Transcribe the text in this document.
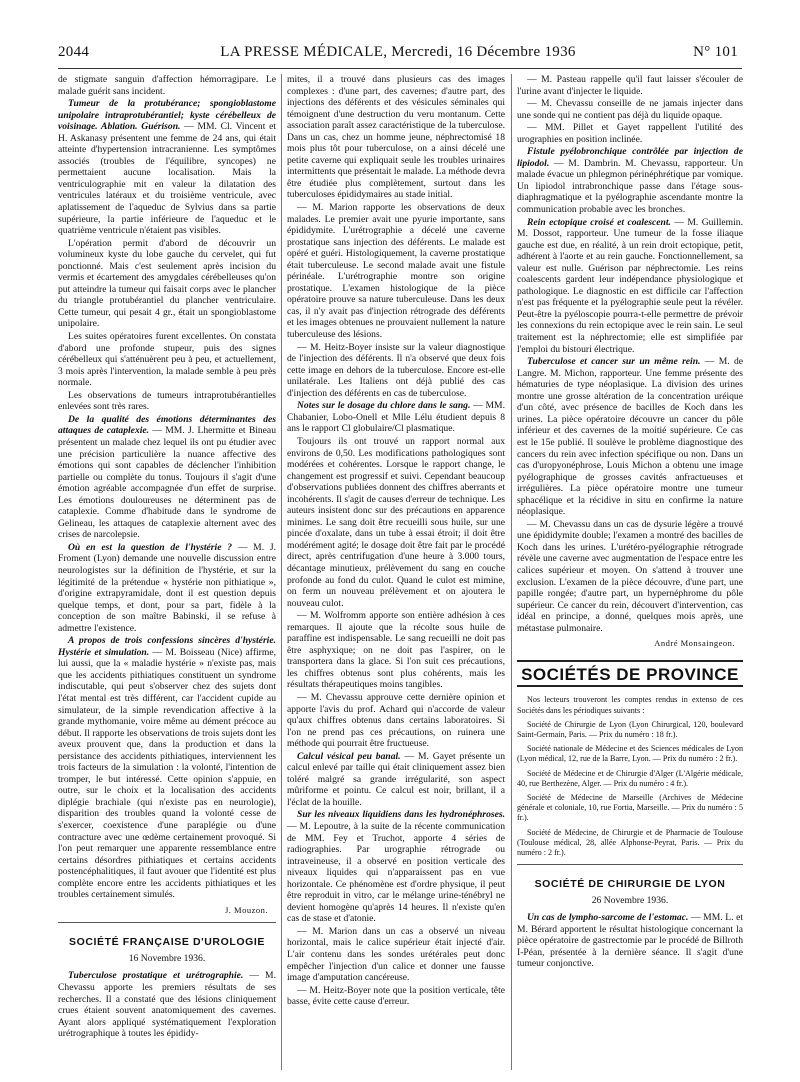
2044	LA PRESSE MÉDICALE, Mercredi, 16 Décembre 1936	N° 101

de stigmate sanguin d'affection hémorragipare. Le malade guérit sans incident.

Tumeur de la protubérance; spongioblastome unipolaire intraprotubérantiel; kyste cérébelleux de voisinage. Ablation. Guérison. — MM. Cl. Vincent et H. Askanasy présentent une femme de 24 ans, qui était atteinte d'hypertension intracranienne. Les symptômes associés (troubles de l'équilibre, syncopes) ne permettaient aucune localisation. Mais la ventriculographie mit en valeur la dilatation des ventricules latéraux et du troisième ventricule, avec aplatissement de l'aqueduc de Sylvius dans sa partie supérieure, la partie inférieure de l'aqueduc et le quatrième ventricule n'étaient pas visibles.

L'opération permit d'abord de découvrir un volumineux kyste du lobe gauche du cervelet, qui fut ponctionné. Mais c'est seulement après incision du vermis et écartement des amygdales cérébelleuses qu'on put atteindre la tumeur qui faisait corps avec le plancher du triangle protubérantiel du plancher ventriculaire. Cette tumeur, qui pesait 4 gr., était un spongioblastome unipolaire.

Les suites opératoires furent excellentes. On constata d'abord une profonde stupeur, puis des signes cérébelleux qui s'atténuèrent peu à peu, et actuellement, 3 mois après l'intervention, la malade semble à peu près normale.

Les observations de tumeurs intraprotubérantielles enlevées sont très rares.

De la qualité des émotions déterminantes des attaques de cataplexie. — MM. J. Lhermitte et Bineau présentent un malade chez lequel ils ont pu étudier avec une précision particulière la nuance affective des émotions qui sont capables de déclencher l'inhibition partielle ou complète du tonus. Toujours il s'agit d'une émotion agréable accompagnée d'un effet de surprise. Les émotions douloureuses ne déterminent pas de cataplexie. Comme d'habitude dans le syndrome de Gelineau, les attaques de cataplexie alternent avec des crises de narcolepsie.

Où en est la question de l'hystérie ? — M. J. Froment (Lyon) demande une nouvelle discussion entre neurologistes sur la définition de l'hystérie, et sur la légitimité de la prétendue « hystérie non pithiatique », d'origine extrapyramidale, dont il est question depuis quelque temps, et dont, pour sa part, fidèle à la conception de son maître Babinski, il se refuse à admettre l'existence.

A propos de trois confessions sincères d'hystérie. Hystérie et simulation. — M. Boisseau (Nice) affirme, lui aussi, que la « maladie hystérie » n'existe pas, mais que les accidents pithiatiques constituent un syndrome indiscutable, qui peut s'observer chez des sujets dont l'état mental est très différent, car l'accident cupide au simulateur, de la simple revendication affective à la grande mythomanie, voire même au dément précoce au début. Il rapporte les observations de trois sujets dont les aveux prouvent que, dans la production et dans la persistance des accidents pithiatiques, interviennent les trois facteurs de la simulation : la volonté, l'intention de tromper, le but intéressé. Cette opinion s'appuie, en outre, sur le choix et la localisation des accidents diplégie brachiale (qui n'existe pas en neurologie), disparition des troubles quand la volonté cesse de s'exercer, coexistence d'une paraplégie ou d'une contracture avec une œdème certainement provoqué. Si l'on peut remarquer une apparente ressemblance entre certains désordres pithiatiques et certains accidents postencéphalitiques, il faut avouer que l'identité est plus complète encore entre les accidents pithiatiques et les troubles certainement simulés.

J. Mouzon.
SOCIÉTÉ FRANÇAISE D'UROLOGIE
16 Novembre 1936.

Tuberculose prostatique et urétrographie. — M. Chevassu apporte les premiers résultats de ses recherches. Il a constaté que des lésions cliniquement crues étaient souvent anatomiquement des cavernes. Ayant alors appliqué systématiquement l'exploration urétrographique à toutes les épididy-

mites, il a trouvé dans plusieurs cas des images complexes : d'une part, des cavernes; d'autre part, des injections des déférents et des vésicules séminales qui témoignent d'une destruction du veru montanum. Cette association paraît assez caractéristique de la tuberculose. Dans un cas, chez un homme jeune, néphrectomisé 18 mois plus tôt pour tuberculose, on a ainsi décelé une petite caverne qui expliquait seule les troubles urinaires intermittents que présentait le malade. La méthode devra être étudiée plus complètement, surtout dans les tuberculoses épididymaires au stade initial.

— M. Marion rapporte les observations de deux malades. Le premier avait une pyurie importante, sans épididymite. L'urétrographie a décelé une caverne prostatique sans injection des déférents. Le malade est opéré et guéri. Histologiquement, la caverne prostatique était tuberculeuse. Le second malade avait une fistule périnéale. L'urétrographie montre son origine prostatique. L'examen histologique de la pièce opératoire prouve sa nature tuberculeuse. Dans les deux cas, il n'y avait pas d'injection rétrograde des déférents et les images obtenues ne prouvaient nullement la nature tuberculeuse des lésions.

— M. Heitz-Boyer insiste sur la valeur diagnostique de l'injection des déférents. Il n'a observé que deux fois cette image en dehors de la tuberculose. Encore est-elle unilatérale. Les Italiens ont déjà publié des cas d'injection des déférents en cas de tuberculose.

Notes sur le dosage du chlore dans le sang. — MM. Chabanier, Lobo-Onell et Mlle Lélu étudient depuis 8 ans le rapport Cl globulaire/Cl plasmatique.

Toujours ils ont trouvé un rapport normal aux environs de 0,50. Les modifications pathologiques sont modérées et cohérentes. Lorsque le rapport change, le changement est progressif et suivi. Cependant beaucoup d'observations publiées donnent des chiffres aberrants et incohérents. Il s'agit de causes d'erreur de technique. Les auteurs insistent donc sur des précautions en apparence minimes. Le sang doit être recueilli sous huile, sur une pincée d'oxalate, dans un tube à essai étroit; il doit être modérément agité; le dosage doit être fait par le procédé direct, après centrifugation d'une heure à 3.000 tours, décantage minutieux, prélèvement du sang en couche profonde au fond du culot. Quand le culot est mimine, on ferm un nouveau prélèvement et on ajoutera le nouveau culot.

— M. Wolfromm apporte son entière adhésion à ces remarques. Il ajoute que la récolte sous huile de paraffine est indispensable. Le sang recueilli ne doit pas être asphyxique; on ne doit pas l'aspirer, on le transportera dans la glace. Si l'on suit ces précautions, les chiffres obtenus sont plus cohérents, mais les résultats thérapeutiques moins tangibles.

— M. Chevassu approuve cette dernière opinion et apporte l'avis du prof. Achard qui n'accorde de valeur qu'aux chiffres obtenus dans certains laboratoires. Si l'on ne prend pas ces précautions, on ruinera une méthode qui pourrait être fructueuse.

Calcul vésical peu banal. — M. Gayet présente un calcul enlevé par taille qui était cliniquement assez bien toléré malgré sa grande irrégularité, son aspect mûriforme et pointu. Ce calcul est noir, brillant, il a l'éclat de la houille.

Sur les niveaux liquidiens dans les hydronéphroses. — M. Lepoutre, à la suite de la récente communication de MM. Fey et Truchot, apporte 4 séries de radiographies. Par urographie rétrograde ou intraveineuse, il a observé en position verticale des niveaux liquides qui n'apparaissent pas en vue horizontale. Ce phénomène est d'ordre physique, il peut être reproduit in vitro, car le mélange urine-ténébryl ne devient homogène qu'après 14 heures. Il n'existe qu'en cas de stase et d'atonie.

— M. Marion dans un cas a observé un niveau horizontal, mais le calice supérieur était injecté d'air. L'air contenu dans les sondes urétérales peut donc empêcher l'injection d'un calice et donner une fausse image d'amputation cancéreuse.

— M. Heitz-Boyer note que la position verticale, tête basse, évite cette cause d'erreur.

— M. Pasteau rappelle qu'il faut laisser s'écouler de l'urine avant d'injecter le liquide.

— M. Chevassu conseille de ne jamais injecter dans une sonde qui ne contient pas déjà du liquide opaque.

— MM. Pillet et Gayet rappellent l'utilité des urographies en position inclinée.

Fistule pyélobronchique contrôlée par injection de lipiodol. — M. Dambrin. M. Chevassu, rapporteur. Un malade évacue un phlegmon périnéphrétique par vomique. Un lipiodol intrabronchique passe dans l'étage sous-diaphragmatique et la pyélographie ascendante montre la communication probable avec les bronches.

Rein ectopique croisé et coalescent. — M. Guillemin. M. Dossot, rapporteur. Une tumeur de la fosse iliaque gauche est due, en réalité, à un rein droit ectopique, petit, adhérent à l'aorte et au rein gauche. Fonctionnellement, sa valeur est nulle. Guérison par néphrectomie. Les reins coalescents gardent leur indépendance physiologique et pathologique. Le diagnostic en est difficile car l'affection n'est pas fréquente et la pyélographie seule peut la révéler. Peut-être la pyéloscopie pourra-t-elle permettre de prévoir les connexions du rein ectopique avec le rein sain. Le seul traitement est la néphrectomie; elle est simplifiée par l'emploi du bistouri électrique.

Tuberculose et cancer sur un même rein. — M. de Langre. M. Michon, rapporteur. Une femme présente des hématuries de type néoplasique. La division des urines montre une grosse altération de la concentration uréique d'un côté, avec présence de bacilles de Koch dans les urines. La pièce opératoire découvre un cancer du pôle inférieur et des cavernes de la moitié supérieure. Ce cas est le 15e publié. Il soulève le problème diagnostique des cancers du rein avec infection spécifique ou non. Dans un cas d'uropyonéphrose, Louis Michon a obtenu une image pyélographique de grosses cavités anfractueuses et irrégulières. La pièce opératoire montre une tumeur sphacélique et la récidive in situ en confirme la nature néoplasique.

— M. Chevassu dans un cas de dysurie légère a trouvé une épididymite double; l'examen a montré des bacilles de Koch dans les urines. L'urétéro-pyélographie rétrograde révèle une caverne avec augmentation de l'espace entre les calices supérieur et moyen. On s'attend à trouver une exclusion. L'examen de la pièce découvre, d'une part, une papille rongée; d'autre part, un hypernéphrome du pôle supérieur. Ce cancer du rein, découvert d'intervention, cas idéal en principe, a donné, quelques mois après, une métastase pulmonaire.

André Monsaingeon.
SOCIÉTÉS DE PROVINCE

Nos lecteurs trouveront les comptes rendus in extenso de ces Sociétés dans les périodiques suivants :

Société de Chirurgie de Lyon (Lyon Chirurgical, 120, boulevard Saint-Germain, Paris. — Prix du numéro : 18 fr.).

Société nationale de Médecine et des Sciences médicales de Lyon (Lyon médical, 12, rue de la Barre, Lyon. — Prix du numéro : 2 fr.).

Société de Médecine et de Chirurgie d'Alger (L'Algérie médicale, 40, rue Berthezène, Alger. — Prix du numéro : 4 fr.).

Société de Médecine de Marseille (Archives de Médecine générale et coloniale, 10, rue Fortia, Marseille. — Prix du numéro : 5 fr.).

Société de Médecine, de Chirurgie et de Pharmacie de Toulouse (Toulouse médical, 28, allée Alphonse-Peyrat, Paris. — Prix du numéro : 2 fr.).

SOCIÉTÉ DE CHIRURGIE DE LYON
26 Novembre 1936.

Un cas de lympho-sarcome de l'estomac. — MM. L. et M. Bérard apportent le résultat histologique concernant la pièce opératoire de gastrectomie par le procédé de Billroth I-Péan, présentée à la dernière séance. Il s'agit d'une tumeur conjonctive.
